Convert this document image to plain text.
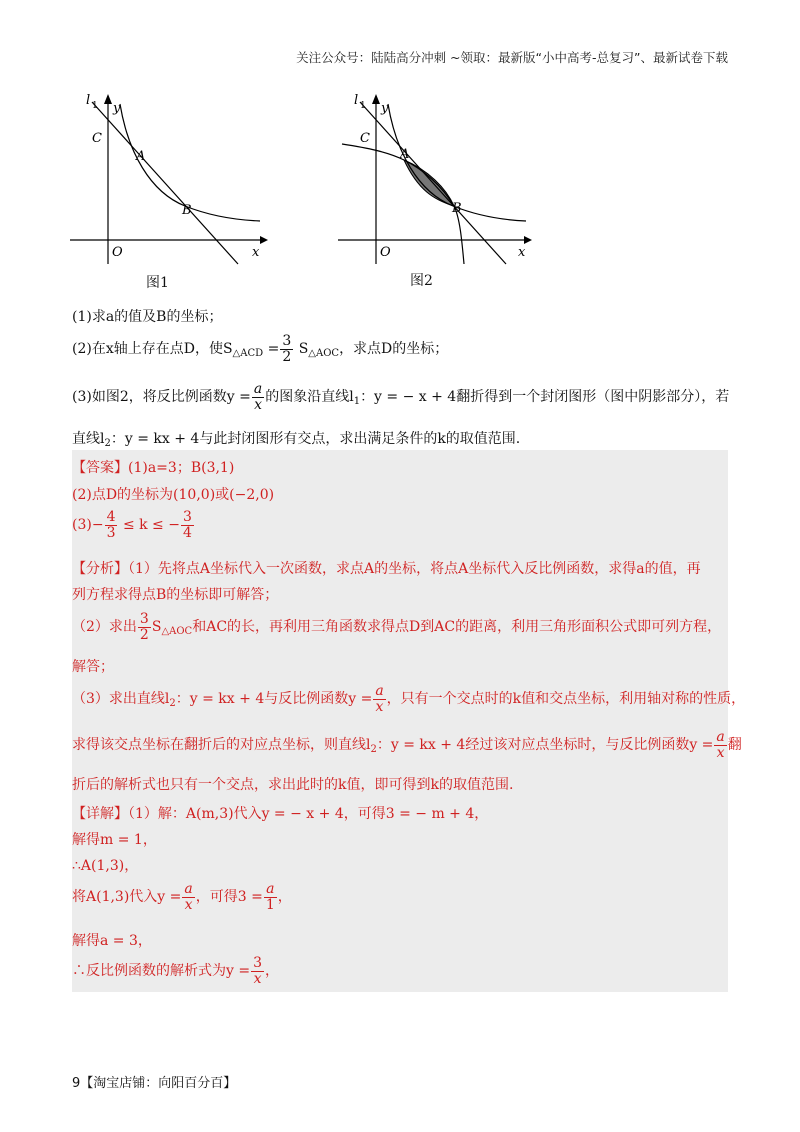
关注公众号：陆陆高分冲刺 ~领取：最新版“小中高考-总复习”、最新试卷下载
l 1 y
C
A
B
O	x
图1
l 1 y
C
A
B
O	x
图2
(1)求a的值及B的坐标；
(2)在x轴上存在点D，使$S_{\triangle ACD} = \frac{3}{2} S_{\triangle AOC}$，求点D的坐标；
(3)如图2，将反比例函数$y = \frac{a}{x}$ 的图象沿直线$l_1$：y = − x + 4翻折得到一个封闭图形（图中阴影部分），若
直线$l_2$：y = kx + 4与此封闭图形有交点，求出满足条件的k的取值范围.
【答案】(1)a=3；B(3,1)
(2)点D的坐标为(10,0)或(−2,0)
$(3)- \frac{4}{3} \le k$ ≤ − $\frac{3}{4}$
【分析】（1）先将点A坐标代入一次函数，求点A的坐标，将点A坐标代入反比例函数，求得a的值，再
列方程求得点B的坐标即可解答；
（2）求出 $\frac{3}{2} S_{\triangle AOC}$和AC的长，再利用三角函数求得点D到AC的距离，利用三角形面积公式即可列方程，
解答；
（3）求出直线$l_2$：y = kx + 4与反比例函数$y = \frac{a}{x}$ ，只有一个交点时的k值和交点坐标，利用轴对称的性质，
求得该交点坐标在翻折后的对应点坐标，则直线$l_2$：y = kx + 4经过该对应点坐标时，与反比例函数$y = \frac{a}{x}$ 翻
折后的解析式也只有一个交点，求出此时的k值，即可得到k的取值范围.
【详解】（1）解：A(m,3)代入y = − x + 4，可得3 = − m + 4，
解得m = 1，
∴A(1,3)，
将A(1,3)代入$y = \frac{a}{x}$ ，可得$3 = \frac{a}{1}$ ，
解得a = 3，
∴反比例函数的解析式为$y = \frac{3}{x}$ ，
9【淘宝店铺：向阳百分百】
